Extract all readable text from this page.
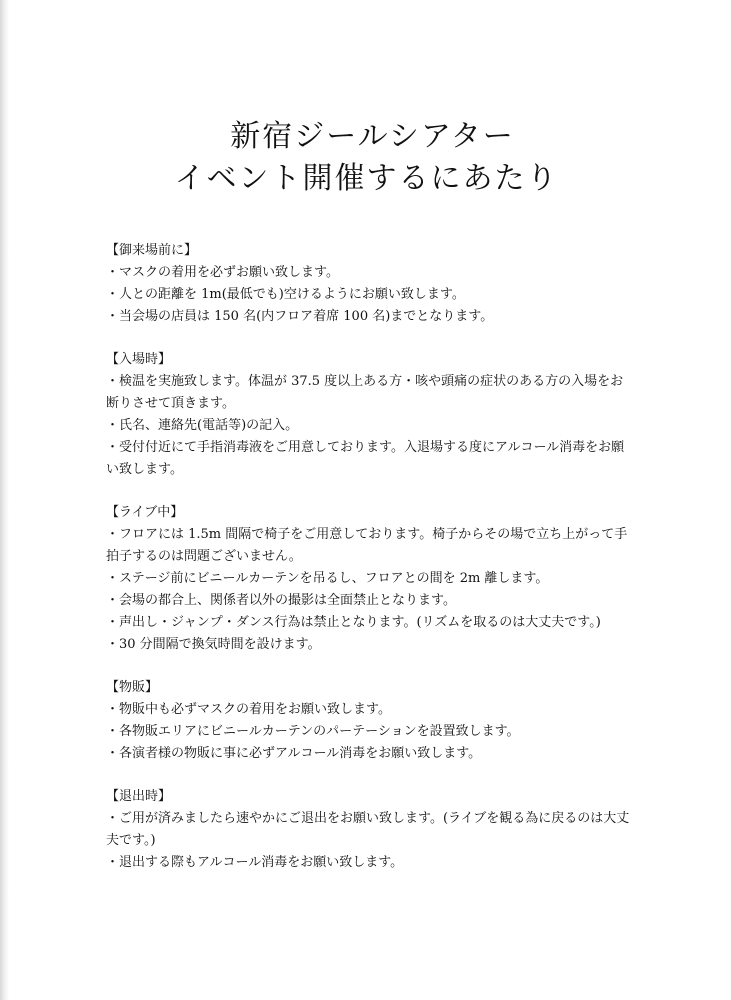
新宿ジールシアター
イベント開催するにあたり

【御来場前に】

・マスクの着用を必ずお願い致します。
・人との距離を 1m(最低でも)空けるようにお願い致します。
・当会場の店員は 150 名(内フロア着席 100 名)までとなります。

【入場時】

・検温を実施致します。体温が 37.5 度以上ある方・咳や頭痛の症状のある方の入場をお断りさせて頂きます。
・氏名、連絡先(電話等)の記入。
・受付付近にて手指消毒液をご用意しております。入退場する度にアルコール消毒をお願い致します。

【ライブ中】

・フロアには 1.5m 間隔で椅子をご用意しております。椅子からその場で立ち上がって手拍子するのは問題ございません。
・ステージ前にビニールカーテンを吊るし、フロアとの間を 2m 離します。
・会場の都合上、関係者以外の撮影は全面禁止となります。
・声出し・ジャンプ・ダンス行為は禁止となります。(リズムを取るのは大丈夫です。)
・30 分間隔で換気時間を設けます。

【物販】

・物販中も必ずマスクの着用をお願い致します。
・各物販エリアにビニールカーテンのパーテーションを設置致します。
・各演者様の物販に事に必ずアルコール消毒をお願い致します。

【退出時】

・ご用が済みましたら速やかにご退出をお願い致します。(ライブを観る為に戻るのは大丈夫です。)
・退出する際もアルコール消毒をお願い致します。
